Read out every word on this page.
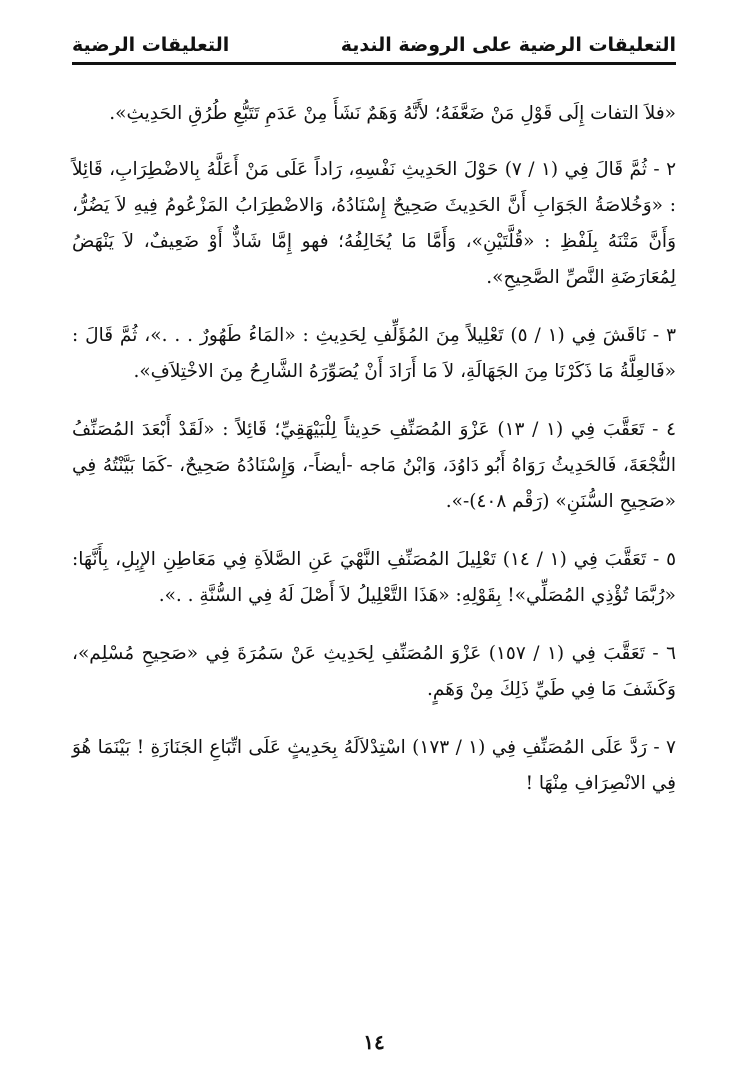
التعليقات الرضية على الروضة الندية
التعليقات الرضية

«فلاَ التفات إِلَى قَوْلِ مَنْ ضَعَّفَهُ؛ لأَنَّهُ وَهَمٌ نَشَأَ مِنْ عَدَمِ تَتَبُّعِ طُرُقِ الحَدِيثِ».

٢ - ثُمَّ قَالَ فِي (١ / ٧) حَوْلَ الحَدِيثِ نَفْسِهِ، رَاداً عَلَى مَنْ أَعَلَّهُ بِالاضْطِرَابِ، قَائِلاً : «وَخُلاصَةُ الجَوَابِ أَنَّ الحَدِيثَ صَحِيحٌ إِسْنَادُهُ، وَالاضْطِرَابُ المَزْعُومُ فِيهِ لاَ يَضُرُّ، وَأَنَّ مَتْنَهُ بِلَفْظِ : «قُلَّتَيْنِ»، وَأَمَّا مَا يُخَالِفُهُ؛ فهو إِمَّا شَاذٌّ أَوْ ضَعِيفٌ، لاَ يَنْهَضُ لِمُعَارَضَةِ النَّصِّ الصَّحِيحِ».

٣ - نَاقَشَ فِي (١ / ٥) تَعْلِيلاً مِنَ المُؤَلِّفِ لِحَدِيثِ : «المَاءُ طَهُورٌ . . .»، ثُمَّ قَالَ : «فَالعِلَّةُ مَا ذَكَرْنَا مِنَ الجَهَالَةِ، لاَ مَا أَرَادَ أَنْ يُصَوِّرَهُ الشَّارِحُ مِنَ الاخْتِلاَفِ».

٤ - تَعَقَّبَ فِي (١ / ١٣) عَزْوَ المُصَنِّفِ حَدِيثاً لِلْبَيْهَقِيِّ؛ قَائِلاً : «لَقَدْ أَبْعَدَ المُصَنِّفُ النُّجْعَةَ، فَالحَدِيثُ رَوَاهُ أَبُو دَاوُدَ، وَابْنُ مَاجه -أيضاً-، وَإِسْنَادُهُ صَحِيحٌ، -كَمَا بَيَّنْتُهُ فِي «صَحِيحِ السُّنَنِ» (رَقْم ٤٠٨)-».

٥ - تَعَقَّبَ فِي (١ / ١٤) تَعْلِيلَ المُصَنِّفِ النَّهْيَ عَنِ الصَّلاَةِ فِي مَعَاطِنِ الإِبِلِ، بِأَنَّهَا: «رُبَّمَا تُؤْذِي المُصَلِّي»! بِقَوْلِهِ: «هَذَا التَّعْلِيلُ لاَ أَصْلَ لَهُ فِي السُّنَّةِ . .».

٦ - تَعَقَّبَ فِي (١ / ١٥٧) عَزْوَ المُصَنِّفِ لِحَدِيثِ عَنْ سَمُرَةَ فِي «صَحِيحِ مُسْلِم»، وَكَشَفَ مَا فِي طَيِّ ذَلِكَ مِنْ وَهَمٍ.

٧ - رَدَّ عَلَى المُصَنِّفِ فِي (١ / ١٧٣) اسْتِدْلاَلَهُ بِحَدِيثٍ عَلَى اتِّبَاعِ الجَنَازَةِ ! بَيْنَمَا هُوَ فِي الانْصِرَافِ مِنْهَا !

١٤
